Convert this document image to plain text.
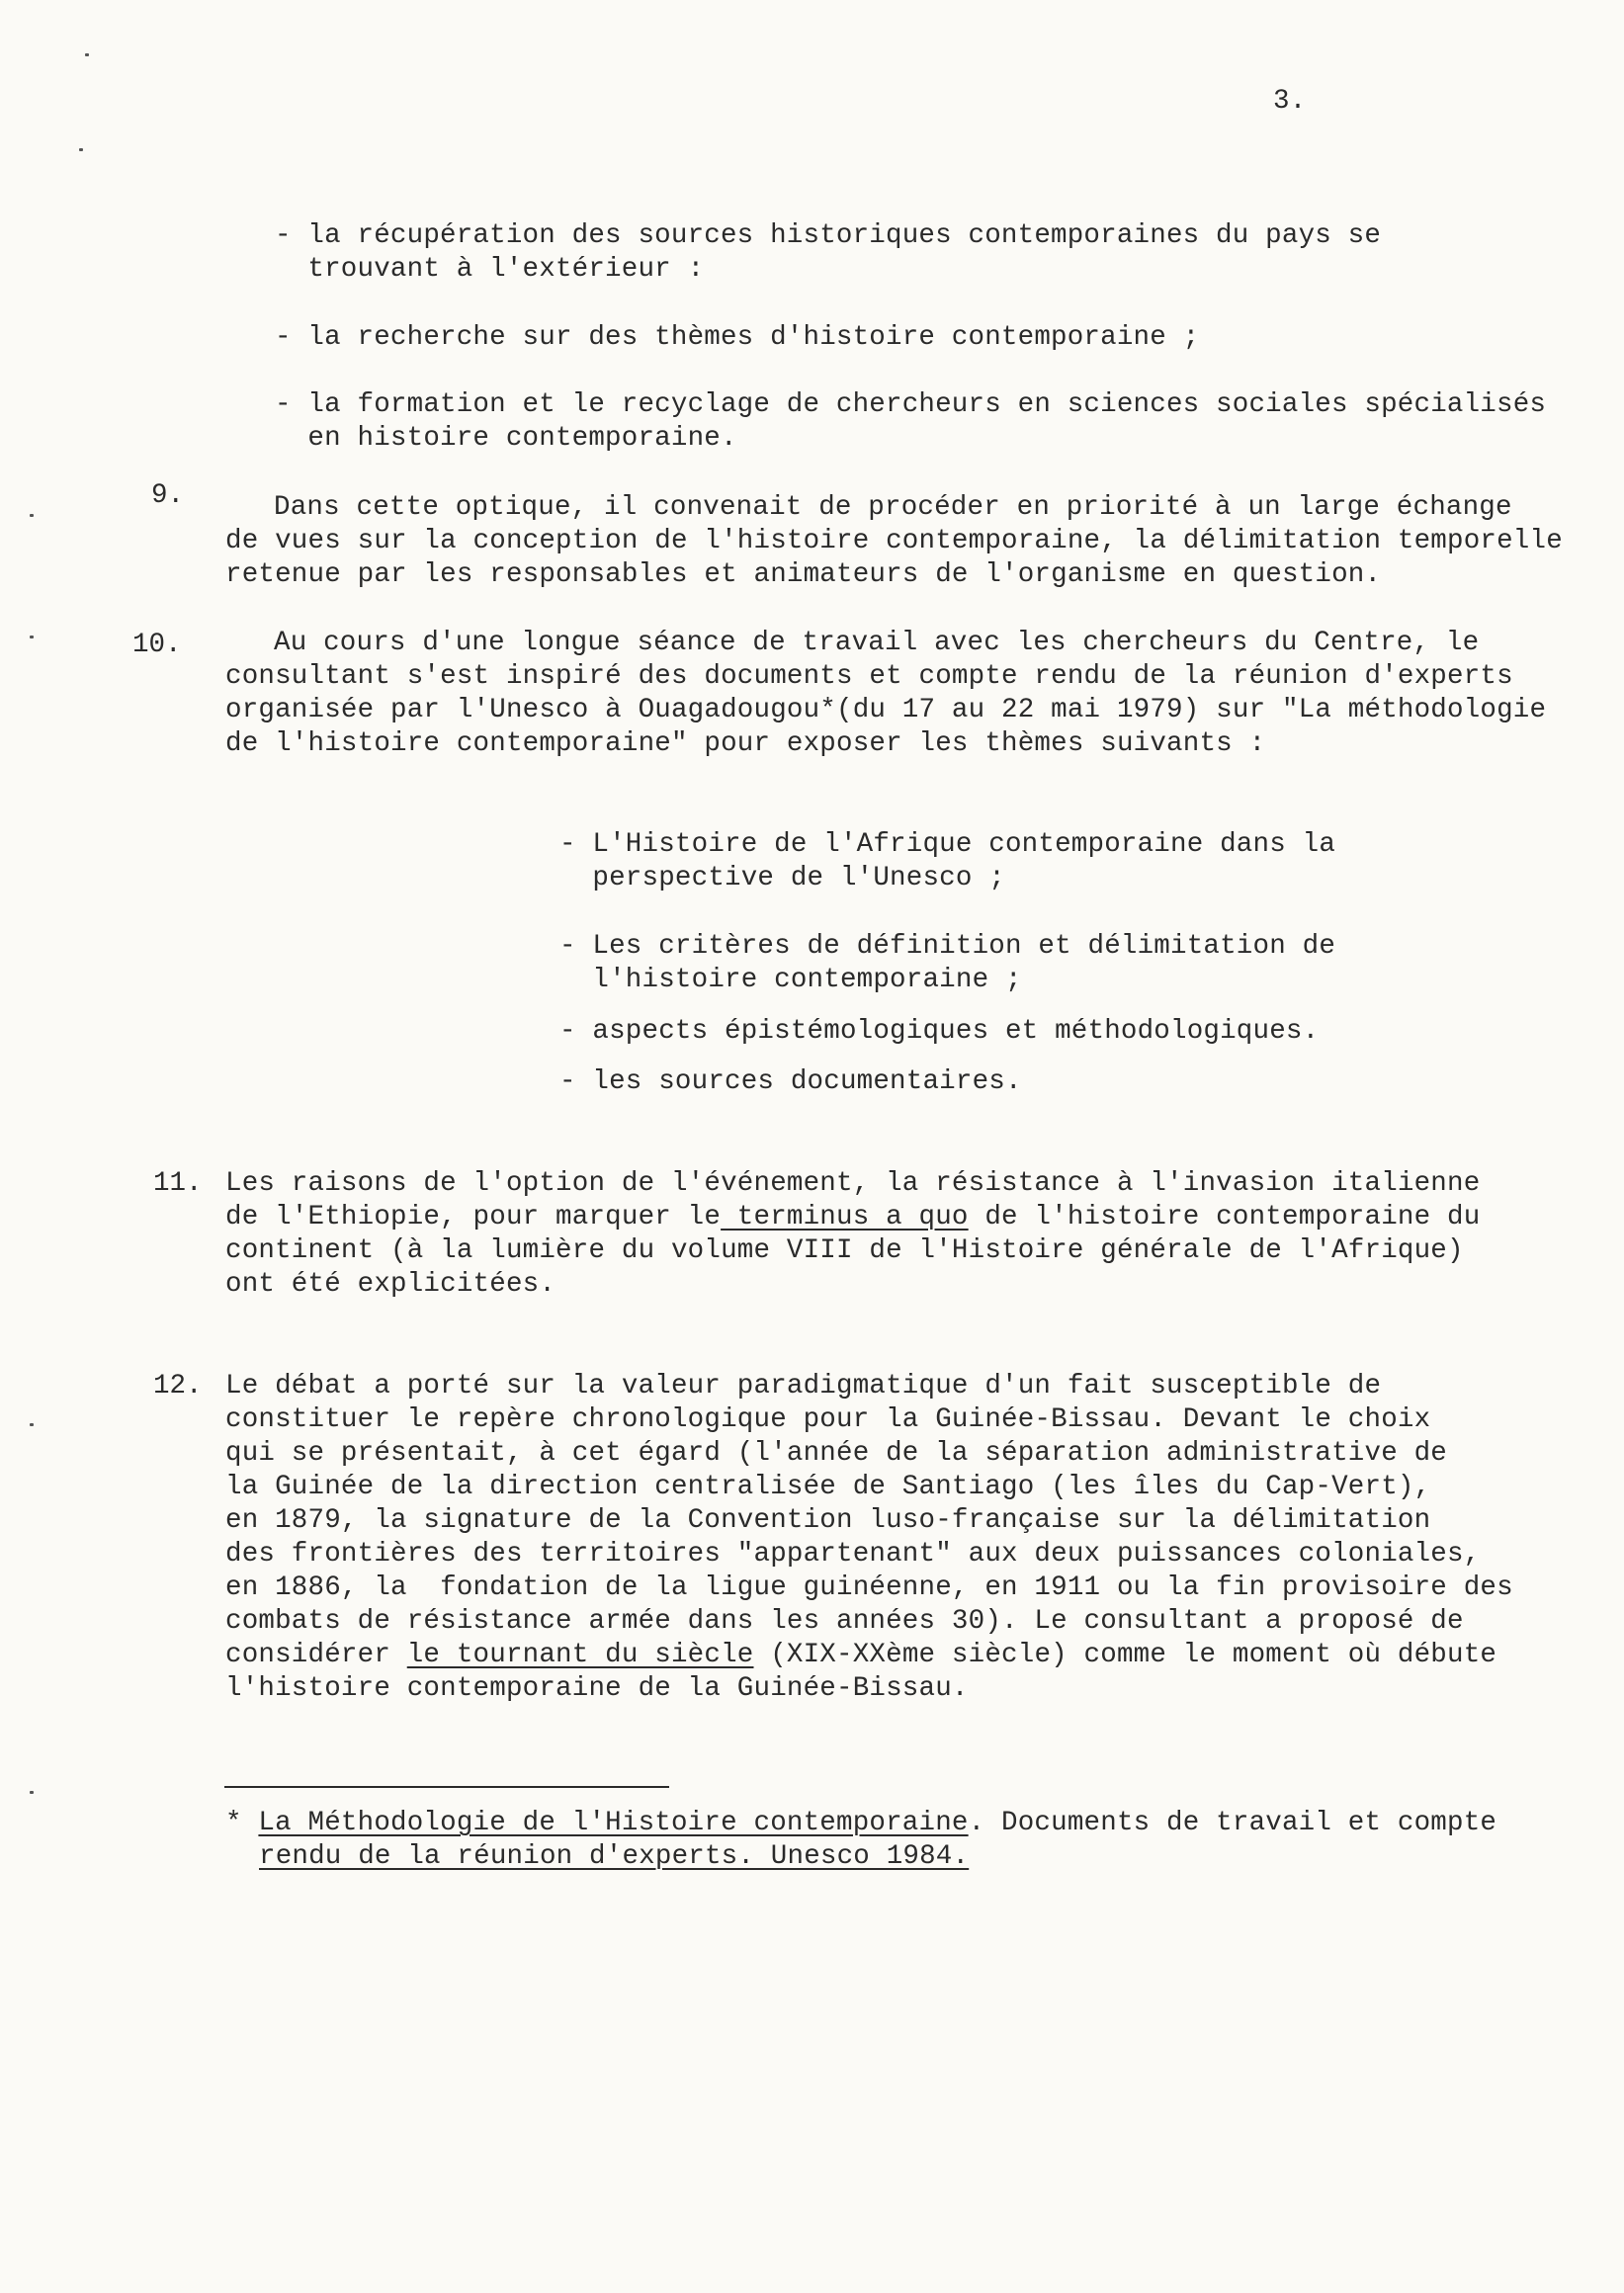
3.
- la récupération des sources historiques contemporaines du pays se
trouvant à l'extérieur :
- la recherche sur des thèmes d'histoire contemporaine ;
- la formation et le recyclage de chercheurs en sciences sociales spécialisés
en histoire contemporaine.
9.	Dans cette optique, il convenait de procéder en priorité à un large échange
de vues sur la conception de l'histoire contemporaine, la délimitation temporelle
retenue par les responsables et animateurs de l'organisme en question.
10.	Au cours d'une longue séance de travail avec les chercheurs du Centre, le
consultant s'est inspiré des documents et compte rendu de la réunion d'experts
organisée par l'Unesco à Ouagadougou*(du 17 au 22 mai 1979) sur "La méthodologie
de l'histoire contemporaine" pour exposer les thèmes suivants :
- L'Histoire de l'Afrique contemporaine dans la
perspective de l'Unesco ;
- Les critères de définition et délimitation de
l'histoire contemporaine ;
- aspects épistémologiques et méthodologiques.
- les sources documentaires.
11. Les raisons de l'option de l'événement, la résistance à l'invasion italienne
de l'Ethiopie, pour marquer le terminus a quo de l'histoire contemporaine du
continent (à la lumière du volume VIII de l'Histoire générale de l'Afrique)
ont été explicitées.
12. Le débat a porté sur la valeur paradigmatique d'un fait susceptible de
constituer le repère chronologique pour la Guinée-Bissau. Devant le choix
qui se présentait, à cet égard (l'année de la séparation administrative de
la Guinée de la direction centralisée de Santiago (les îles du Cap-Vert),
en 1879, la signature de la Convention luso-française sur la délimitation
des frontières des territoires "appartenant" aux deux puissances coloniales,
en 1886, la  fondation de la ligue guinéenne, en 1911 ou la fin provisoire des
combats de résistance armée dans les années 30). Le consultant a proposé de
considérer le tournant du siècle (XIX-XXème siècle) comme le moment où débute
l'histoire contemporaine de la Guinée-Bissau.
* La Méthodologie de l'Histoire contemporaine. Documents de travail et compte
rendu de la réunion d'experts. Unesco 1984.
